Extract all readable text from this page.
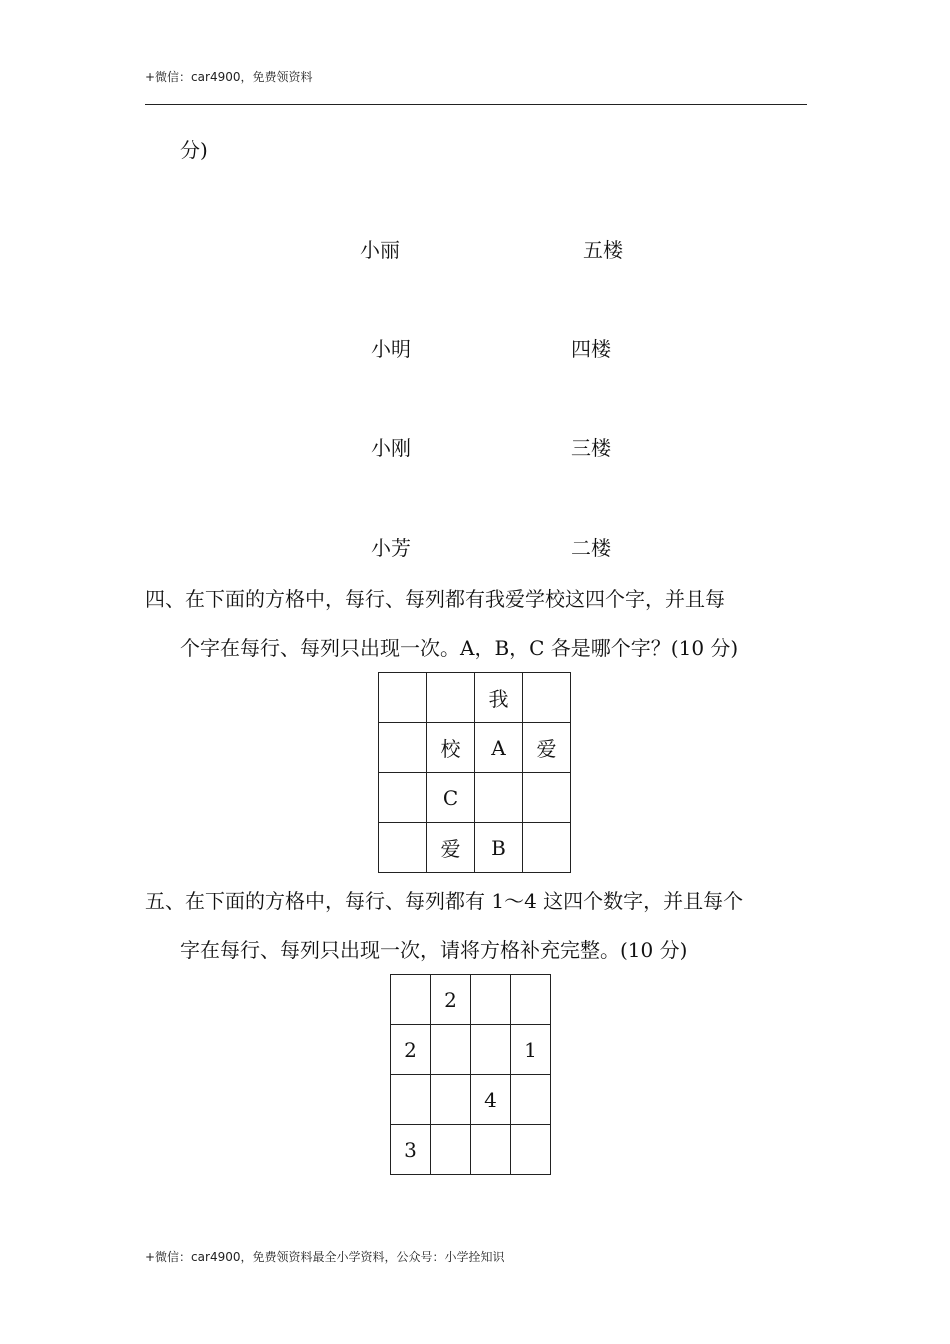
+微信：car4900，免费领资料
分)
小丽	五楼
小明	四楼
小刚	三楼
小芳	二楼
四、在下面的方格中，每行、每列都有我爱学校这四个字，并且每
个字在每行、每列只出现一次。A，B，C 各是哪个字？(10 分)
		我	
	校	A	爱
	C		
	爱	B	
五、在下面的方格中，每行、每列都有 1～4 这四个数字，并且每个
字在每行、每列只出现一次，请将方格补充完整。(10 分)
	2		
2			1
		4	
3			
+微信：car4900，免费领资料最全小学资料，公众号：小学拴知识
